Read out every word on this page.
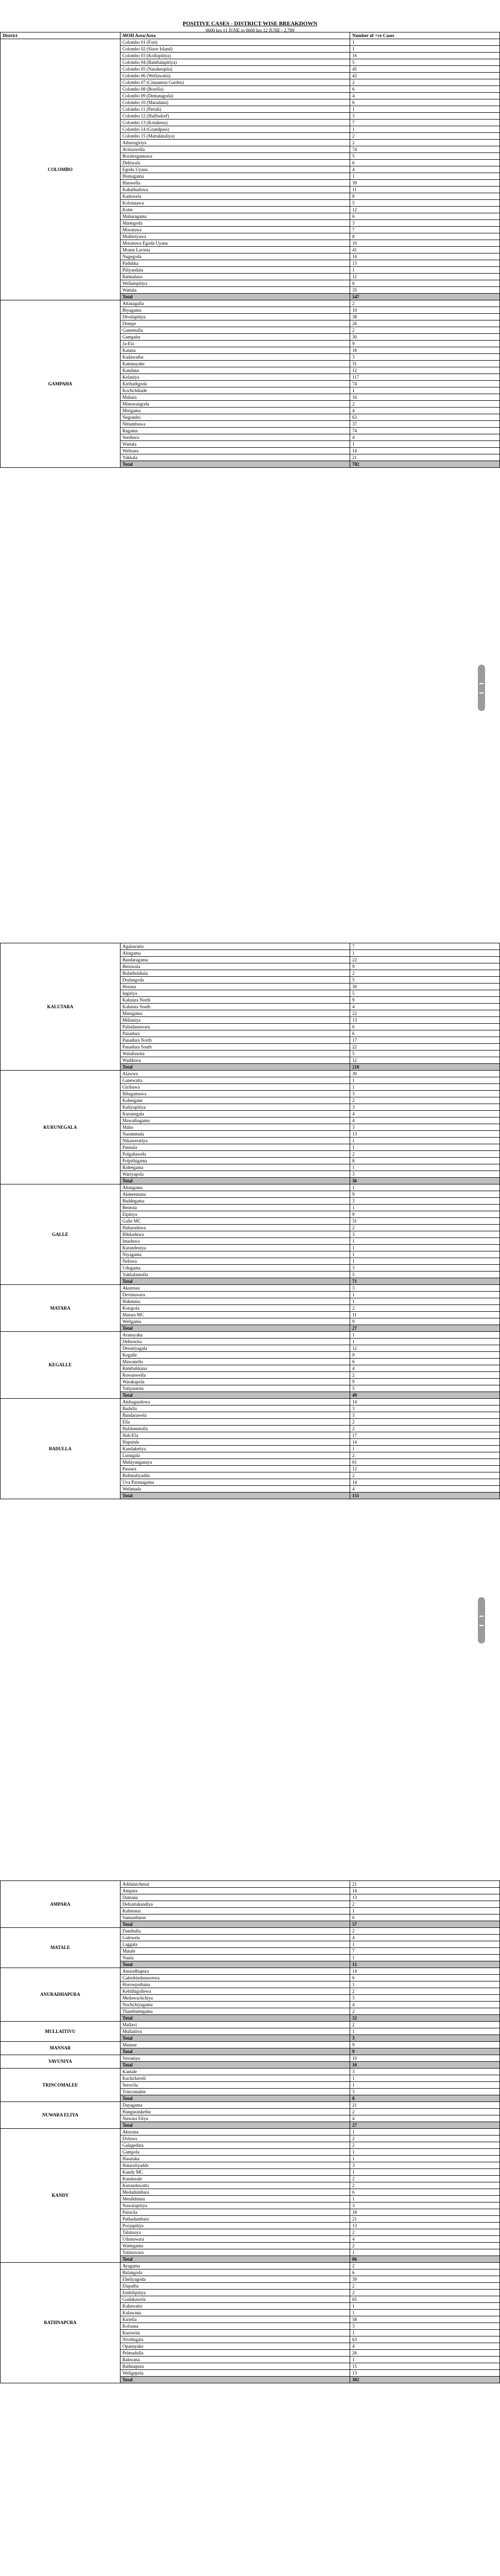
POSITIVE CASES - DISTRICT WISE BREAKDOWN
0600 hrs 11 JUNE to 0600 hrs 12 JUNE - 2,789
District	MOH Area/Area	Number of +ve Cases
COLOMBO	Colombo 01 (Fort)	1
	Colombo 02 (Slave Island)	1
	Colombo 03 (Kollupitiya)	16
	Colombo 04 (Bambalapitiya)	5
	Colombo 05 (Narahenpita)	45
	Colombo 06 (Wellawatta)	42
	Colombo 07 (Cinnamon Garden)	2
	Colombo 08 (Borella)	6
	Colombo 09 (Dematagoda)	4
	Colombo 10 (Maradana)	6
	Colombo 11 (Pettah)	1
	Colombo 12 (Hulftsdorf)	3
	Colombo 13 (Kotahena)	7
	Colombo 14 (Grandpass)	1
	Colombo 15 (Mattakkuliya)	2
	Athurugiriya	2
	Avissawella	74
	Boralesgamuwa	5
	Dehiwala	6
	Egoda Uyana	4
	Homagama	1
	Hanwella	39
	Kahathuduwa	11
	Kaduwela	8
	Kolonnawa	5
	Kotte	12
	Maharagama	6
	Mattegoda	3
	Moratuwa	7
	Mulleriyawa	8
	Moratuwa Egoda Uyana	10
	Mount Lavinia	41
	Nugegoda	14
	Padukka	13
	Piliyandala	1
	Ratmalana	12
	Wellampitiya	6
	Wattala	35
	Total	547
GAMPAHA	Attanagalla	2
	Biyagama	10
	Divulapitiya	38
	Dompe	26
	Ganemulla	2
	Gampaha	30
	Ja-Ela	9
	Katana	18
	Kadawatha	3
	Katunayake	31
	Kandana	12
	Kelaniya	117
	Kiribathgoda	74
	Kochchikade	1
	Mahara	16
	Minuwangoda	2
	Mirigama	4
	Negombo	63
	Nittambuwa	37
	Ragama	74
	Seeduwa	4
	Wattala	1
	Welisara	14
	Yakkala	21
	Total	702
KALUTARA	Agalawatta	7
	Alutgama	1
	Bandaragama	22
	Beruwala	9
	Bulathsinhala	2
	Dodangoda	5
	Horana	30
	Ingiriya	5
	Kalutara North	9
	Kalutara South	4
	Matugama	22
	Millaniya	13
	Palindanuwara	6
	Panadura	6
	Panadura North	17
	Panadura South	22
	Walallawita	5
	Wadduwa	12
	Total	218
KURUNEGALA	Alawwa	30
	Ganewatta	1
	Giribawa	1
	Ibbagamuwa	3
	Kobeigane	2
	Kuliyapitiya	3
	Kurunegala	4
	Mawathagama	4
	Maho	3
	Narammala	13
	Nikaweratiya	1
	Pannala	1
	Polgahawela	2
	Polpithigama	8
	Rideegama	1
	Wariyapola	3
	Total	36
GALLE	Ahangama	1
	Akmeemana	9
	Baddegama	3
	Bentota	1
	Elpitiya	9
	Galle MC	31
	Habaraduwa	2
	Hikkaduwa	3
	Imaduwa	1
	Karandeniya	1
	Niyagama	1
	Neluwa	1
	Udugama	3
	Yakkalamulla	5
	Total	71
MATARA	Akuressa	3
	Devinuwara	1
	Hakmana	1
	Kotapola	2
	Matara MC	11
	Weligama	9
	Total	27
KEGALLE	Aranayaka	1
	Dehiowita	1
	Deraniyagala	12
	Kegalle	9
	Mawanella	6
	Rambukkana	4
	Ruwanwella	2
	Warakapola	9
	Yatiyantota	5
	Total	49
BADULLA	Ambagasdowa	14
	Badulla	3
	Bandarawela	3
	Ella	2
	Haldummulla	2
	Hali-Ela	17
	Haputale	14
	Kandaketiya	1
	Lunugala	2
	Mahiyanganaya	61
	Passara	12
	Ridimaliyadda	2
	Uva Paranagama	14
	Welimada	4
	Total	151
AMPARA	Addalaichenai	21
	Ampara	14
	Damana	13
	Dehiattakandiya	2
	Kalmunai	1
	Samanthurai	6
	Total	57
MATALE	Dambulla	2
	Galewela	4
	Laggala	1
	Matale	7
	Naula	1
	Total	15
ANURADHAPURA	Anuradhapura	14
	Galenbindunuwewa	6
	Horowpothana	1
	Kebithigollewa	2
	Medawachchiya	3
	Nochchiyagama	4
	Thambuttegama	2
	Total	32
MULLAITIVU	Mallavi	2
	Mullaitivu	1
	Total	3
MANNAR	Mannar	9
	Total	9
VAVUNIYA	Vavuniya	10
	Total	10
TRINCOMALEE	Kantale	3
	Kuchchaveli	1
	Seruvila	1
	Trincomalee	3
	Total	8
NUWARA ELIYA	Dayagama	21
	Hanguranketha	2
	Nuwara Eliya	4
	Total	27
KANDY	Akurana	1
	Doluwa	2
	Galagedara	2
	Gampola	1
	Hasalaka	1
	Hataraliyadda	3
	Kandy MC	1
	Kundasale	2
	Kurunduwatta	2
	Medadumbara	6
	Menikhinna	1
	Nawalapitiya	3
	Panwila	18
	Pathadumbara	21
	Poojapitiya	13
	Talatuoya	2
	Udunuwara	4
	Wattegama	2
	Yatinuwara	1
	Total	86
RATHNAPURA	Ayagama	2
	Balangoda	6
	Eheliyagoda	39
	Elapatha	2
	Embilipitiya	2
	Godakawela	65
	Kahawatta	1
	Kalawana	1
	Kiriella	58
	Kolonna	3
	Kuruwita	1
	Nivithigala	63
	Opanayake	4
	Pelmadulla	26
	Rakwana	1
	Rathnapura	15
	Weligepola	13
	Total	302
